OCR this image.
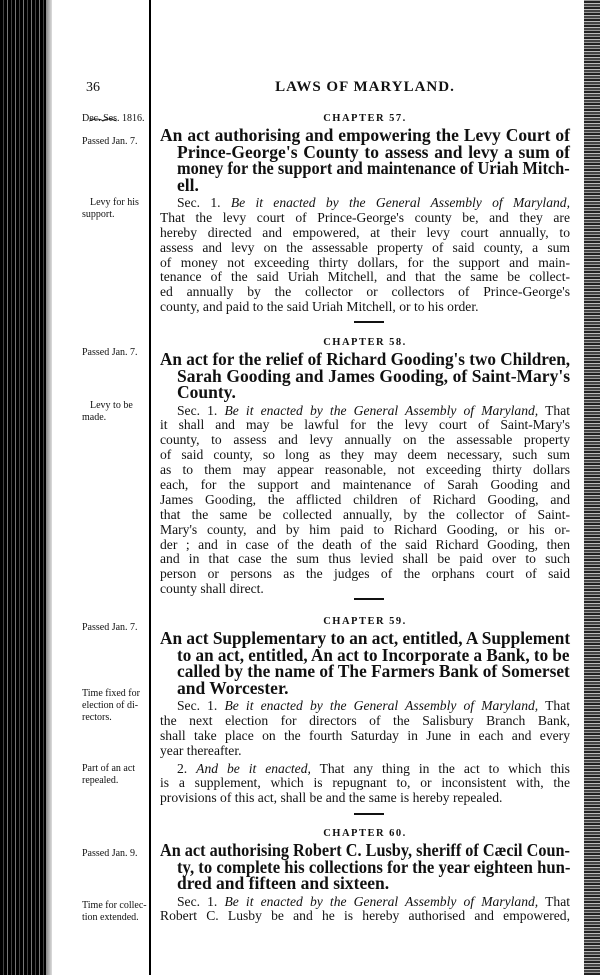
36	LAWS OF MARYLAND.
⁀⁀
Dec. Ses. 1816.
Passed Jan. 7.
Levy for his
support.
Passed Jan. 7.
Levy to be
made.
Passed Jan. 7.
Time fixed for
election of di-
rectors.
Part of an act
repealed.
Passed Jan. 9.
Time for collec-
tion extended.
CHAPTER 57.
An act authorising and empowering the Levy Court of
Prince-George's County to assess and levy a sum of
money for the support and maintenance of Uriah Mitch-
ell.
Sec. 1. Be it enacted by the General Assembly of Maryland,
That the levy court of Prince-George's county be, and they are
hereby directed and empowered, at their levy court annually, to
assess and levy on the assessable property of said county, a sum
of money not exceeding thirty dollars, for the support and main-
tenance of the said Uriah Mitchell, and that the same be collect-
ed annually by the collector or collectors of Prince-George's
county, and paid to the said Uriah Mitchell, or to his order.
CHAPTER 58.
An act for the relief of Richard Gooding's two Children,
Sarah Gooding and James Gooding, of Saint-Mary's
County.
Sec. 1. Be it enacted by the General Assembly of Maryland, That
it shall and may be lawful for the levy court of Saint-Mary's
county, to assess and levy annually on the assessable property
of said county, so long as they may deem necessary, such sum
as to them may appear reasonable, not exceeding thirty dollars
each, for the support and maintenance of Sarah Gooding and
James Gooding, the afflicted children of Richard Gooding, and
that the same be collected annually, by the collector of Saint-
Mary's county, and by him paid to Richard Gooding, or his or-
der ; and in case of the death of the said Richard Gooding, then
and in that case the sum thus levied shall be paid over to such
person or persons as the judges of the orphans court of said
county shall direct.
CHAPTER 59.
An act Supplementary to an act, entitled, A Supplement
to an act, entitled, An act to Incorporate a Bank, to be
called by the name of The Farmers Bank of Somerset
and Worcester.
Sec. 1. Be it enacted by the General Assembly of Maryland, That
the next election for directors of the Salisbury Branch Bank,
shall take place on the fourth Saturday in June in each and every
year thereafter.
2. And be it enacted, That any thing in the act to which this
is a supplement, which is repugnant to, or inconsistent with, the
provisions of this act, shall be and the same is hereby repealed.
CHAPTER 60.
An act authorising Robert C. Lusby, sheriff of Cæcil Coun-
ty, to complete his collections for the year eighteen hun-
dred and fifteen and sixteen.
Sec. 1. Be it enacted by the General Assembly of Maryland, That
Robert C. Lusby be and he is hereby authorised and empowered,
